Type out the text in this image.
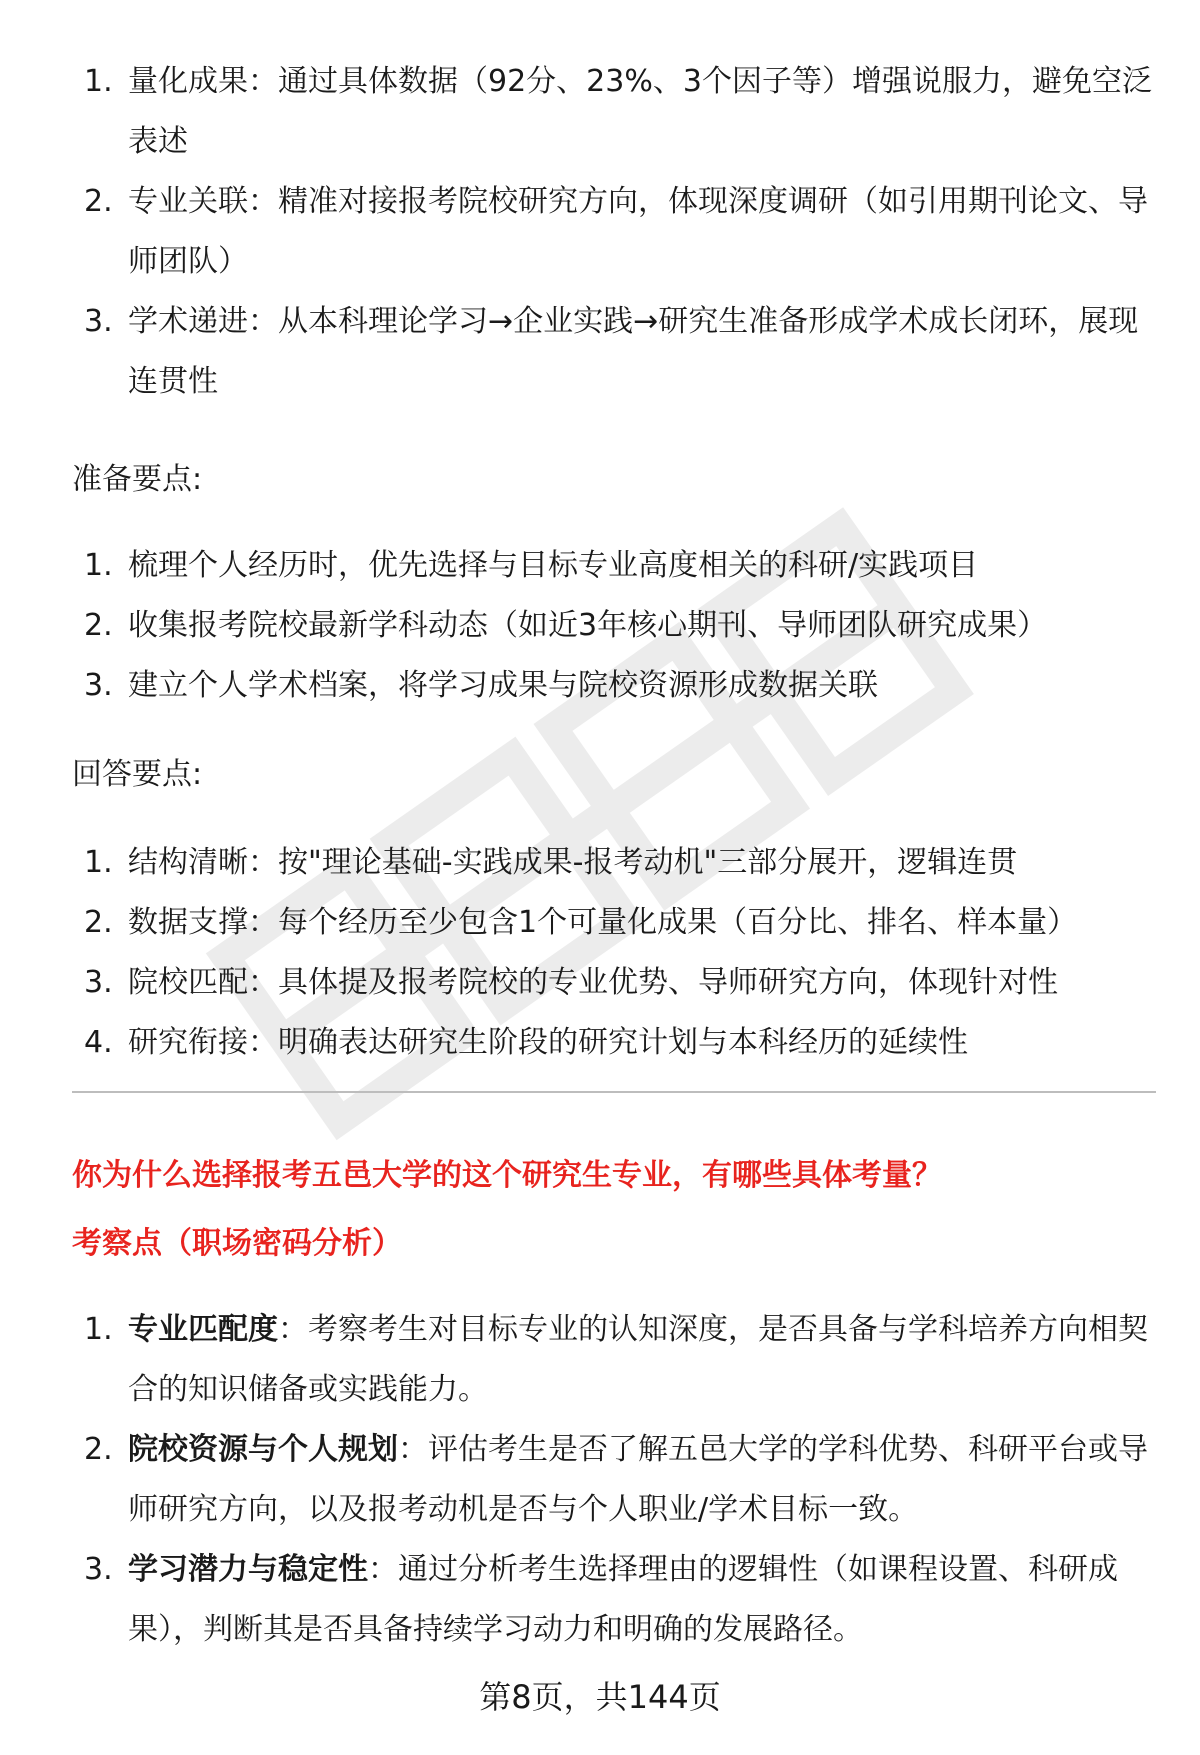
1. 量化成果：通过具体数据（92分、23%、3个因子等）增强说服力，避免空泛表述
2. 专业关联：精准对接报考院校研究方向，体现深度调研（如引用期刊论文、导师团队）
3. 学术递进：从本科理论学习→企业实践→研究生准备形成学术成长闭环，展现连贯性
准备要点:
1. 梳理个人经历时，优先选择与目标专业高度相关的科研/实践项目
2. 收集报考院校最新学科动态（如近3年核心期刊、导师团队研究成果）
3. 建立个人学术档案，将学习成果与院校资源形成数据关联
回答要点:
1. 结构清晰：按"理论基础-实践成果-报考动机"三部分展开，逻辑连贯
2. 数据支撑：每个经历至少包含1个可量化成果（百分比、排名、样本量）
3. 院校匹配：具体提及报考院校的专业优势、导师研究方向，体现针对性
4. 研究衔接：明确表达研究生阶段的研究计划与本科经历的延续性
你为什么选择报考五邑大学的这个研究生专业，有哪些具体考量？
考察点（职场密码分析）
1. 专业匹配度：考察考生对目标专业的认知深度，是否具备与学科培养方向相契合的知识储备或实践能力。
2. 院校资源与个人规划：评估考生是否了解五邑大学的学科优势、科研平台或导师研究方向，以及报考动机是否与个人职业/学术目标一致。
3. 学习潜力与稳定性：通过分析考生选择理由的逻辑性（如课程设置、科研成果），判断其是否具备持续学习动力和明确的发展路径。
第8页，共144页
